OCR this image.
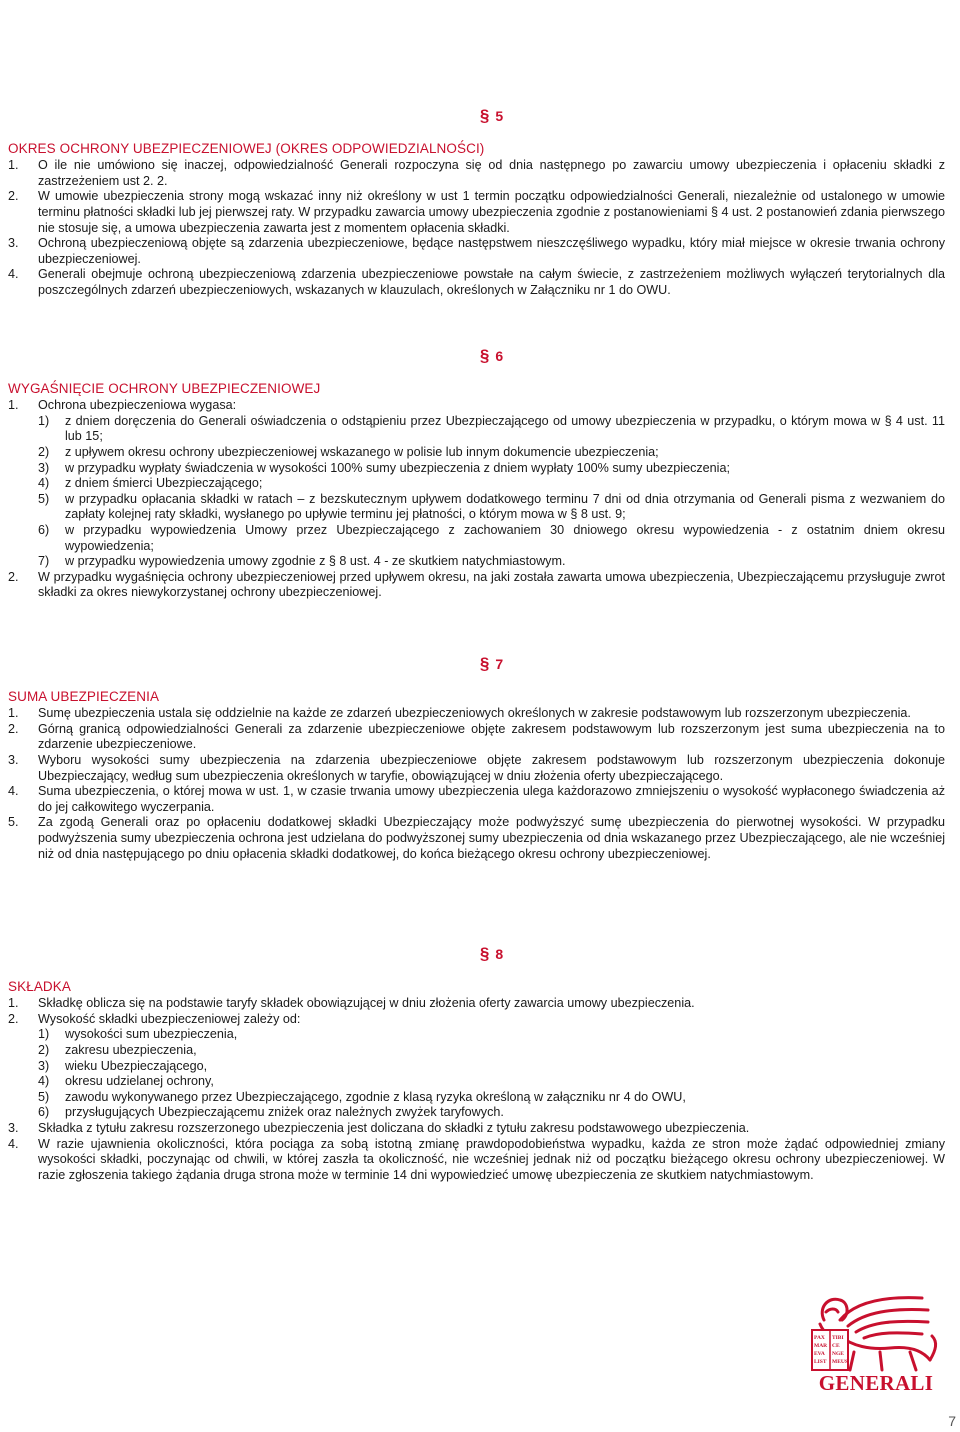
§ 5
OKRES OCHRONY UBEZPIECZENIOWEJ (OKRES ODPOWIEDZIALNOŚCI)
1.	O ile nie umówiono się inaczej, odpowiedzialność Generali rozpoczyna się od dnia następnego po zawarciu umowy ubezpieczenia i opłaceniu składki z zastrzeżeniem ust 2. 2.
2.	W umowie ubezpieczenia strony mogą wskazać inny niż określony w ust 1 termin początku odpowiedzialności Generali, niezależnie od ustalonego w umowie terminu płatności składki lub jej pierwszej raty. W przypadku zawarcia umowy ubezpieczenia zgodnie z postanowieniami § 4 ust. 2 postanowień zdania pierwszego nie stosuje się, a umowa ubezpieczenia zawarta jest z momentem opłacenia składki.
3.	Ochroną ubezpieczeniową objęte są zdarzenia ubezpieczeniowe, będące następstwem nieszczęśliwego wypadku, który miał miejsce w okresie trwania ochrony ubezpieczeniowej.
4.	Generali obejmuje ochroną ubezpieczeniową zdarzenia ubezpieczeniowe powstałe na całym świecie, z zastrzeżeniem możliwych wyłączeń terytorialnych dla poszczególnych zdarzeń ubezpieczeniowych, wskazanych w klauzulach, określonych w Załączniku nr 1 do OWU.
§ 6
WYGAŚNIĘCIE OCHRONY UBEZPIECZENIOWEJ
1.	Ochrona ubezpieczeniowa wygasa:
1)	z dniem doręczenia do Generali oświadczenia o odstąpieniu przez Ubezpieczającego od umowy ubezpieczenia w przypadku, o którym mowa w § 4 ust. 11 lub 15;
2)	z upływem okresu ochrony ubezpieczeniowej wskazanego w polisie lub innym dokumencie ubezpieczenia;
3)	w przypadku wypłaty świadczenia w wysokości 100% sumy ubezpieczenia z dniem wypłaty 100% sumy ubezpieczenia;
4)	z dniem śmierci Ubezpieczającego;
5)	w przypadku opłacania składki w ratach – z bezskutecznym upływem dodatkowego terminu 7 dni od dnia otrzymania od Generali pisma z wezwaniem do zapłaty kolejnej raty składki, wysłanego po upływie terminu jej płatności, o którym mowa w § 8 ust. 9;
6)	w przypadku wypowiedzenia Umowy przez Ubezpieczającego z zachowaniem 30 dniowego okresu wypowiedzenia - z ostatnim dniem okresu wypowiedzenia;
7)	w przypadku wypowiedzenia umowy zgodnie z § 8 ust. 4 - ze skutkiem natychmiastowym.
2.	W przypadku wygaśnięcia ochrony ubezpieczeniowej przed upływem okresu, na jaki została zawarta umowa ubezpieczenia, Ubezpieczającemu przysługuje zwrot składki za okres niewykorzystanej ochrony ubezpieczeniowej.
§ 7
SUMA UBEZPIECZENIA
1.	Sumę ubezpieczenia ustala się oddzielnie na każde ze zdarzeń ubezpieczeniowych określonych w zakresie podstawowym lub rozszerzonym ubezpieczenia.
2.	Górną granicą odpowiedzialności Generali za zdarzenie ubezpieczeniowe objęte zakresem podstawowym lub rozszerzonym jest suma ubezpieczenia na to zdarzenie ubezpieczeniowe.
3.	Wyboru wysokości sumy ubezpieczenia na zdarzenia ubezpieczeniowe objęte zakresem podstawowym lub rozszerzonym ubezpieczenia dokonuje Ubezpieczający, według sum ubezpieczenia określonych w taryfie, obowiązującej w dniu złożenia oferty ubezpieczającego.
4.	Suma ubezpieczenia, o której mowa w ust. 1, w czasie trwania umowy ubezpieczenia ulega każdorazowo zmniejszeniu o wysokość wypłaconego świadczenia aż do jej całkowitego wyczerpania.
5.	Za zgodą Generali oraz po opłaceniu dodatkowej składki Ubezpieczający może podwyższyć sumę ubezpieczenia do pierwotnej wysokości. W przypadku podwyższenia sumy ubezpieczenia ochrona jest udzielana do podwyższonej sumy ubezpieczenia od dnia wskazanego przez Ubezpieczającego, ale nie wcześniej niż od dnia następującego po dniu opłacenia składki dodatkowej, do końca bieżącego okresu ochrony ubezpieczeniowej.
§ 8
SKŁADKA
1.	Składkę oblicza się na podstawie taryfy składek obowiązującej w dniu złożenia oferty zawarcia umowy ubezpieczenia.
2.	Wysokość składki ubezpieczeniowej zależy od:
1)	wysokości sum ubezpieczenia,
2)	zakresu ubezpieczenia,
3)	wieku Ubezpieczającego,
4)	okresu udzielanej ochrony,
5)	zawodu wykonywanego przez Ubezpieczającego, zgodnie z klasą ryzyka określoną w załączniku nr 4 do OWU,
6)	przysługujących Ubezpieczającemu zniżek oraz należnych zwyżek taryfowych.
3.	Składka z tytułu zakresu rozszerzonego ubezpieczenia jest doliczana do składki z tytułu zakresu podstawowego ubezpieczenia.
4.	W razie ujawnienia okoliczności, która pociąga za sobą istotną zmianę prawdopodobieństwa wypadku, każda ze stron może żądać odpowiedniej zmiany wysokości składki, poczynając od chwili, w której zaszła ta okoliczność, nie wcześniej jednak niż od początku bieżącego okresu ochrony ubezpieczeniowej. W razie zgłoszenia takiego żądania druga strona może w terminie 14 dni wypowiedzieć umowę ubezpieczenia ze skutkiem natychmiastowym.
PAX TIBI
MAR CE
EVA NGE
LIST MEUS
GENERALI
7
